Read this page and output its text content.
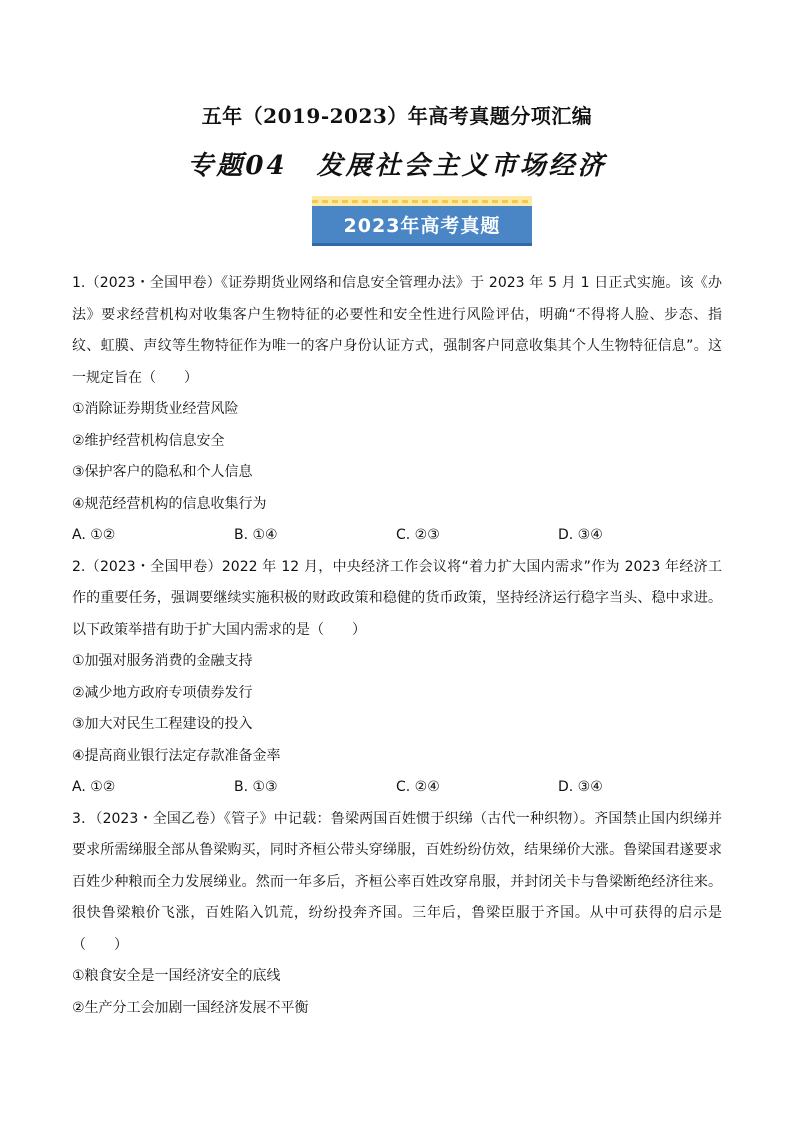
五年（2019-2023）年高考真题分项汇编
专题04　发展社会主义市场经济
2023年高考真题

1.（2023・全国甲卷）《证券期货业网络和信息安全管理办法》于 2023 年 5 月 1 日正式实施。该《办法》要求经营机构对收集客户生物特征的必要性和安全性进行风险评估，明确“不得将人脸、步态、指纹、虹膜、声纹等生物特征作为唯一的客户身份认证方式，强制客户同意收集其个人生物特征信息”。这一规定旨在（　　）

①消除证券期货业经营风险

②维护经营机构信息安全

③保护客户的隐私和个人信息

④规范经营机构的信息收集行为

A. ①②	B. ①④	C. ②③	D. ③④

2.（2023・全国甲卷）2022 年 12 月，中央经济工作会议将“着力扩大国内需求”作为 2023 年经济工作的重要任务，强调要继续实施积极的财政政策和稳健的货币政策，坚持经济运行稳字当头、稳中求进。以下政策举措有助于扩大国内需求的是（　　）

①加强对服务消费的金融支持

②减少地方政府专项债券发行

③加大对民生工程建设的投入

④提高商业银行法定存款准备金率

A. ①②	B. ①③	C. ②④	D. ③④

3．（2023・全国乙卷）《管子》中记载：鲁梁两国百姓惯于织绨（古代一种织物）。齐国禁止国内织绨并要求所需绨服全部从鲁梁购买，同时齐桓公带头穿绨服，百姓纷纷仿效，结果绨价大涨。鲁梁国君遂要求百姓少种粮而全力发展绨业。然而一年多后，齐桓公率百姓改穿帛服，并封闭关卡与鲁梁断绝经济往来。很快鲁梁粮价飞涨，百姓陷入饥荒，纷纷投奔齐国。三年后，鲁梁臣服于齐国。从中可获得的启示是（　　）

①粮食安全是一国经济安全的底线

②生产分工会加剧一国经济发展不平衡
